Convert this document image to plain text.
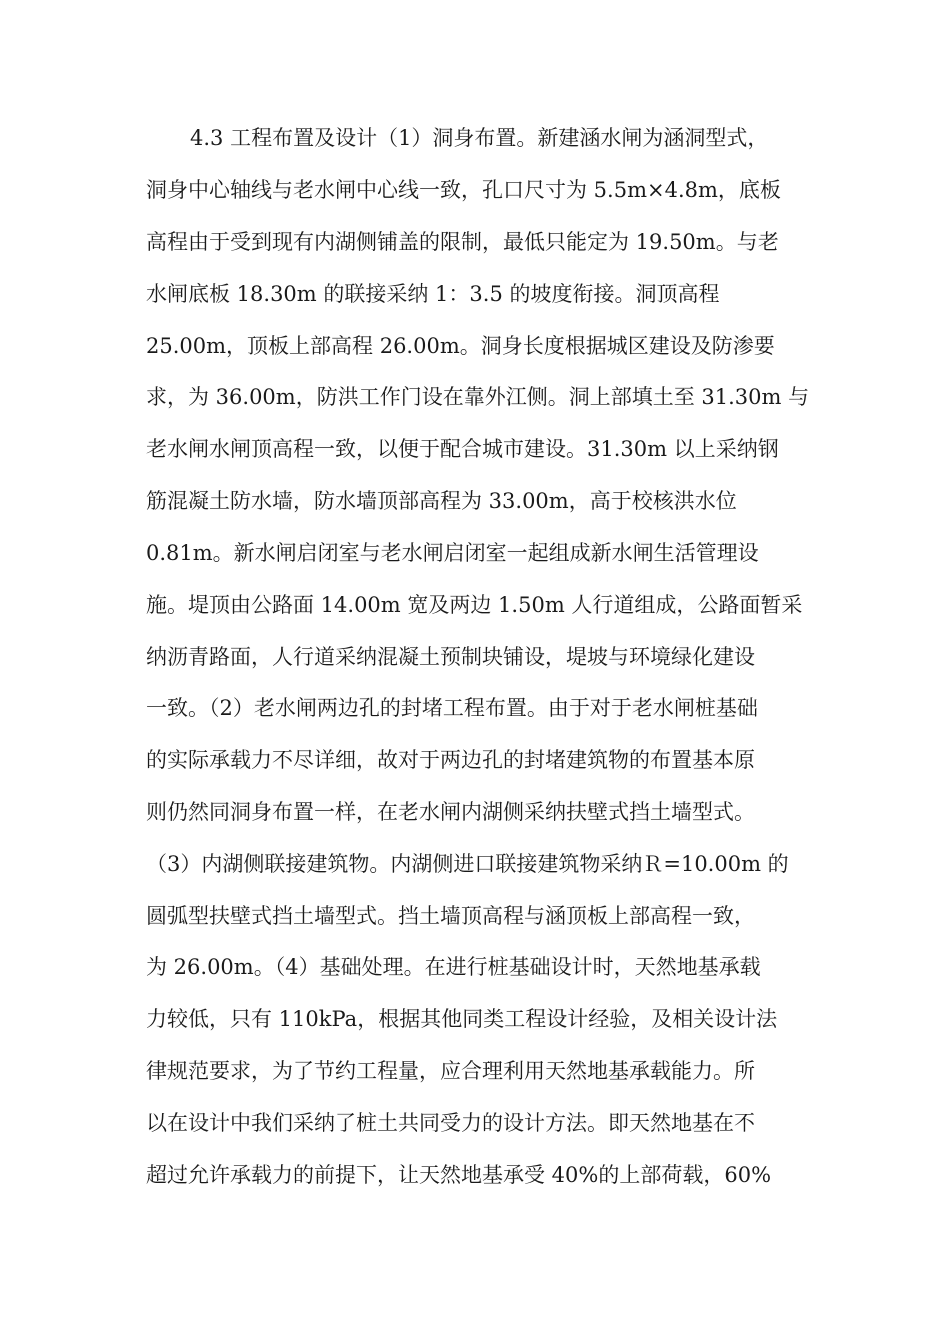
4.3 工程布置及设计（1）洞身布置。新建涵水闸为涵洞型式，
洞身中心轴线与老水闸中心线一致，孔口尺寸为 5.5m×4.8m，底板
高程由于受到现有内湖侧铺盖的限制，最低只能定为 19.50m。与老
水闸底板 18.30m 的联接采纳 1：3.5 的坡度衔接。洞顶高程
25.00m，顶板上部高程 26.00m。洞身长度根据城区建设及防渗要
求，为 36.00m，防洪工作门设在靠外江侧。洞上部填土至 31.30m 与
老水闸水闸顶高程一致，以便于配合城市建设。31.30m 以上采纳钢
筋混凝土防水墙，防水墙顶部高程为 33.00m，高于校核洪水位
0.81m。新水闸启闭室与老水闸启闭室一起组成新水闸生活管理设
施。堤顶由公路面 14.00m 宽及两边 1.50m 人行道组成，公路面暂采
纳沥青路面，人行道采纳混凝土预制块铺设，堤坡与环境绿化建设
一致。（2）老水闸两边孔的封堵工程布置。由于对于老水闸桩基础
的实际承载力不尽详细，故对于两边孔的封堵建筑物的布置基本原
则仍然同洞身布置一样，在老水闸内湖侧采纳扶壁式挡土墙型式。
（3）内湖侧联接建筑物。内湖侧进口联接建筑物采纳Ｒ=10.00m 的
圆弧型扶壁式挡土墙型式。挡土墙顶高程与涵顶板上部高程一致，
为 26.00m。（4）基础处理。在进行桩基础设计时，天然地基承载
力较低，只有 110kPa，根据其他同类工程设计经验，及相关设计法
律规范要求，为了节约工程量，应合理利用天然地基承载能力。所
以在设计中我们采纳了桩土共同受力的设计方法。即天然地基在不
超过允许承载力的前提下，让天然地基承受 40%的上部荷载，60%
